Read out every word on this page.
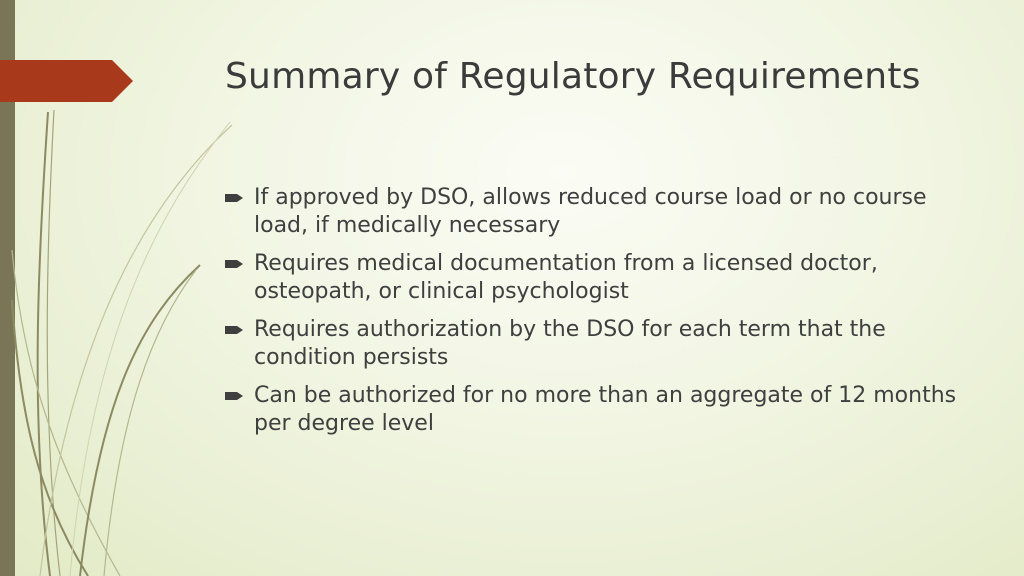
Summary of Regulatory Requirements
If approved by DSO, allows reduced course load or no course load, if medically necessary
Requires medical documentation from a licensed doctor, osteopath, or clinical psychologist
Requires authorization by the DSO for each term that the condition persists
Can be authorized for no more than an aggregate of 12 months per degree level
